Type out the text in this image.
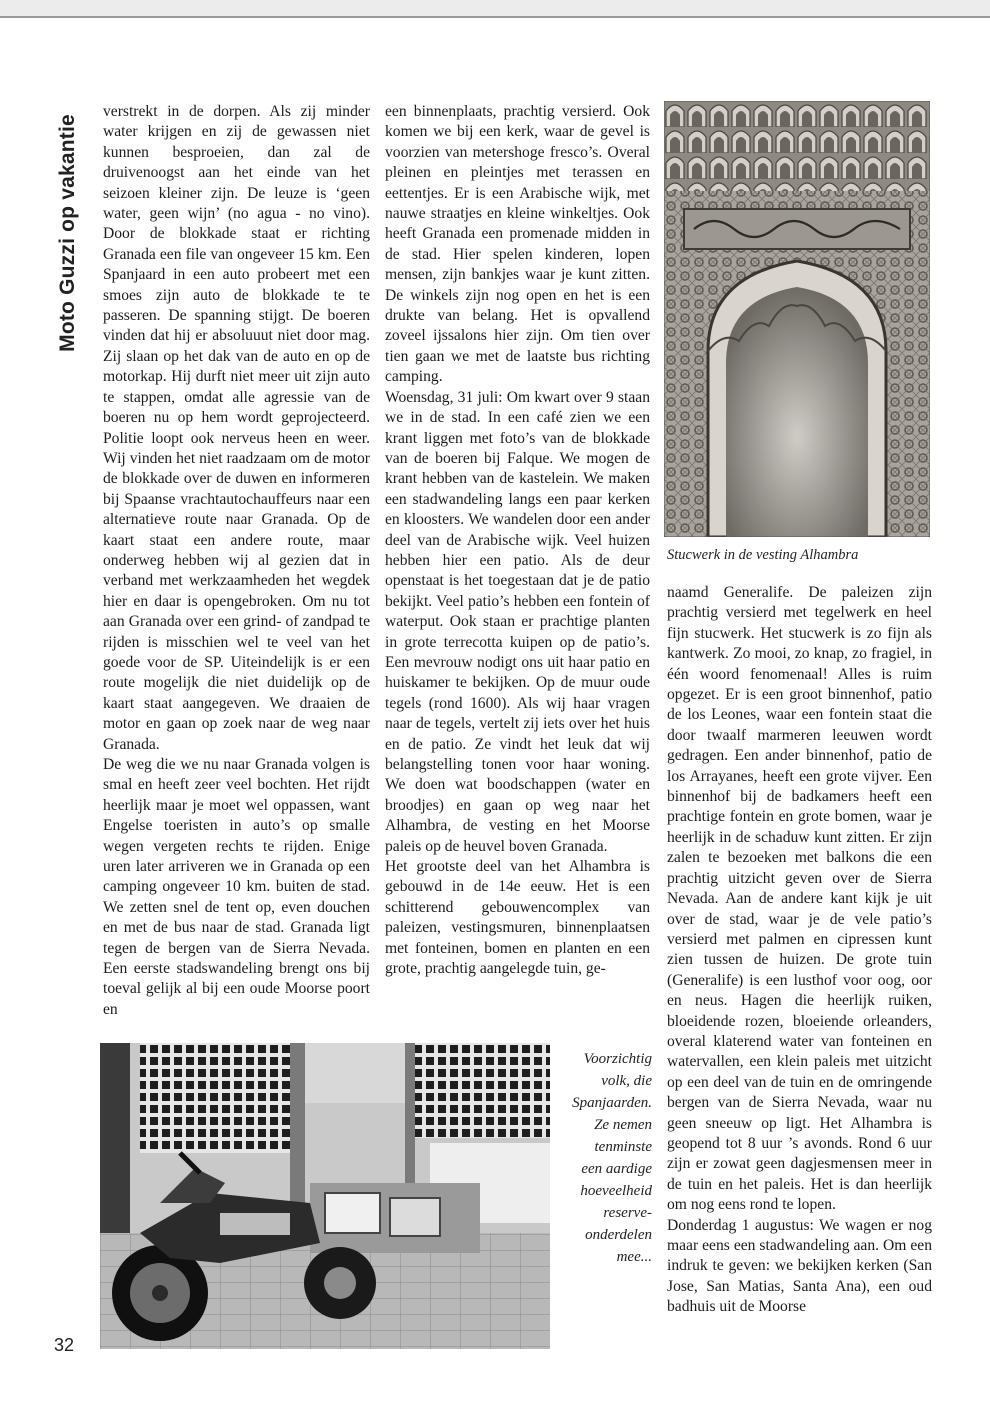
Moto Guzzi op vakantie

verstrekt in de dorpen. Als zij minder water krijgen en zij de gewassen niet kunnen besproeien, dan zal de druivenoogst aan het einde van het seizoen kleiner zijn. De leuze is ‘geen water, geen wijn’ (no agua - no vino). Door de blokkade staat er richting Granada een file van ongeveer 15 km. Een Spanjaard in een auto probeert met een smoes zijn auto de blokkade te te passeren. De spanning stijgt. De boeren vinden dat hij er absoluuut niet door mag. Zij slaan op het dak van de auto en op de motorkap. Hij durft niet meer uit zijn auto te stappen, omdat alle agressie van de boeren nu op hem wordt geprojecteerd. Politie loopt ook nerveus heen en weer. Wij vinden het niet raadzaam om de motor de blokkade over de duwen en informeren bij Spaanse vrachtautochauffeurs naar een alternatieve route naar Granada. Op de kaart staat een andere route, maar onderweg hebben wij al gezien dat in verband met werkzaamheden het wegdek hier en daar is opengebroken. Om nu tot aan Granada over een grind- of zandpad te rijden is misschien wel te veel van het goede voor de SP. Uiteindelijk is er een route mogelijk die niet duidelijk op de kaart staat aangegeven. We draaien de motor en gaan op zoek naar de weg naar Granada.

De weg die we nu naar Granada volgen is smal en heeft zeer veel bochten. Het rijdt heerlijk maar je moet wel oppassen, want Engelse toeristen in auto’s op smalle wegen vergeten rechts te rijden. Enige uren later arriveren we in Granada op een camping ongeveer 10 km. buiten de stad. We zetten snel de tent op, even douchen en met de bus naar de stad. Granada ligt tegen de bergen van de Sierra Nevada. Een eerste stadswandeling brengt ons bij toeval gelijk al bij een oude Moorse poort en

een binnenplaats, prachtig versierd. Ook komen we bij een kerk, waar de gevel is voorzien van metershoge fresco’s. Overal pleinen en pleintjes met terassen en eettentjes. Er is een Arabische wijk, met nauwe straatjes en kleine winkeltjes. Ook heeft Granada een promenade midden in de stad. Hier spelen kinderen, lopen mensen, zijn bankjes waar je kunt zitten. De winkels zijn nog open en het is een drukte van belang. Het is opvallend zoveel ijssalons hier zijn. Om tien over tien gaan we met de laatste bus richting camping.

Woensdag, 31 juli: Om kwart over 9 staan we in de stad. In een café zien we een krant liggen met foto’s van de blokkade van de boeren bij Falque. We mogen de krant hebben van de kastelein. We maken een stadwandeling langs een paar kerken en kloosters. We wandelen door een ander deel van de Arabische wijk. Veel huizen hebben hier een patio. Als de deur openstaat is het toegestaan dat je de patio bekijkt. Veel patio’s hebben een fontein of waterput. Ook staan er prachtige planten in grote terrecotta kuipen op de patio’s. Een mevrouw nodigt ons uit haar patio en huiskamer te bekijken. Op de muur oude tegels (rond 1600). Als wij haar vragen naar de tegels, vertelt zij iets over het huis en de patio. Ze vindt het leuk dat wij belangstelling tonen voor haar woning. We doen wat boodschappen (water en broodjes) en gaan op weg naar het Alhambra, de vesting en het Moorse paleis op de heuvel boven Granada.

Het grootste deel van het Alhambra is gebouwd in de 14e eeuw. Het is een schitterend gebouwencomplex van paleizen, vestingsmuren, binnenplaatsen met fonteinen, bomen en planten en een grote, prachtig aangelegde tuin, ge-

Stucwerk in de vesting Alhambra

naamd Generalife. De paleizen zijn prachtig versierd met tegelwerk en heel fijn stucwerk. Het stucwerk is zo fijn als kantwerk. Zo mooi, zo knap, zo fragiel, in één woord fenomenaal! Alles is ruim opgezet. Er is een groot binnenhof, patio de los Leones, waar een fontein staat die door twaalf marmeren leeuwen wordt gedragen. Een ander binnenhof, patio de los Arrayanes, heeft een grote vijver. Een binnenhof bij de badkamers heeft een prachtige fontein en grote bomen, waar je heerlijk in de schaduw kunt zitten. Er zijn zalen te bezoeken met balkons die een prachtig uitzicht geven over de Sierra Nevada. Aan de andere kant kijk je uit over de stad, waar je de vele patio’s versierd met palmen en cipressen kunt zien tussen de huizen. De grote tuin (Generalife) is een lusthof voor oog, oor en neus. Hagen die heerlijk ruiken, bloeidende rozen, bloeiende orleanders, overal klaterend water van fonteinen en watervallen, een klein paleis met uitzicht op een deel van de tuin en de omringende bergen van de Sierra Nevada, waar nu geen sneeuw op ligt. Het Alhambra is geopend tot 8 uur ’s avonds. Rond 6 uur zijn er zowat geen dagjesmensen meer in de tuin en het paleis. Het is dan heerlijk om nog eens rond te lopen.

Donderdag 1 augustus: We wagen er nog maar eens een stadwandeling aan. Om een indruk te geven: we bekijken kerken (San Jose, San Matias, Santa Ana), een oud badhuis uit de Moorse

Voorzichtig
volk, die
Spanjaarden.
Ze nemen
tenminste
een aardige
hoeveelheid
reserve-
onderdelen
mee...
32
